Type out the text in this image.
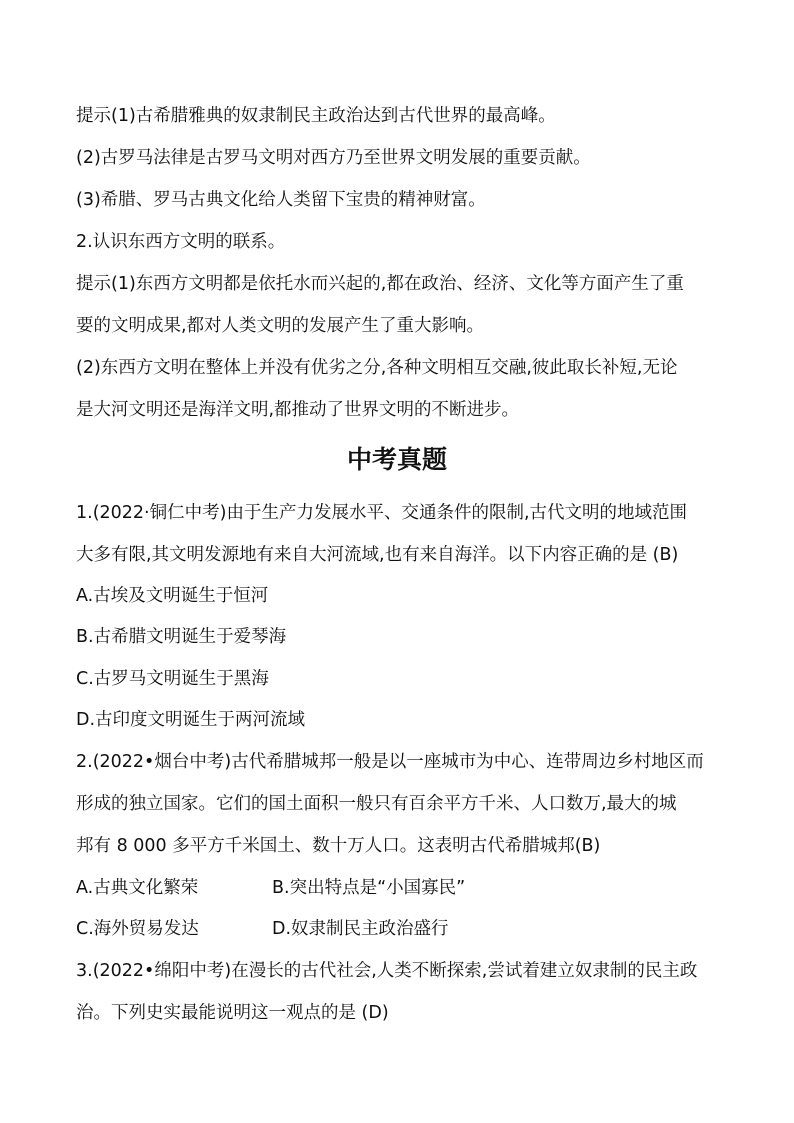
提示(1)古希腊雅典的奴隶制民主政治达到古代世界的最高峰。
(2)古罗马法律是古罗马文明对西方乃至世界文明发展的重要贡献。
(3)希腊、罗马古典文化给人类留下宝贵的精神财富。
2.认识东西方文明的联系。
提示(1)东西方文明都是依托水而兴起的,都在政治、经济、文化等方面产生了重
要的文明成果,都对人类文明的发展产生了重大影响。
(2)东西方文明在整体上并没有优劣之分,各种文明相互交融,彼此取长补短,无论
是大河文明还是海洋文明,都推动了世界文明的不断进步。
中考真题
1.(2022·铜仁中考)由于生产力发展水平、交通条件的限制,古代文明的地域范围
大多有限,其文明发源地有来自大河流域,也有来自海洋。以下内容正确的是 (B)
A.古埃及文明诞生于恒河
B.古希腊文明诞生于爱琴海
C.古罗马文明诞生于黑海
D.古印度文明诞生于两河流域
2.(2022•烟台中考)古代希腊城邦一般是以一座城市为中心、连带周边乡村地区而
形成的独立国家。它们的国土面积一般只有百余平方千米、人口数万,最大的城
邦有 8 000 多平方千米国土、数十万人口。这表明古代希腊城邦(B)
A.古典文化繁荣	B.突出特点是“小国寡民”
C.海外贸易发达	D.奴隶制民主政治盛行
3.(2022•绵阳中考)在漫长的古代社会,人类不断探索,尝试着建立奴隶制的民主政
治。下列史实最能说明这一观点的是 (D)
